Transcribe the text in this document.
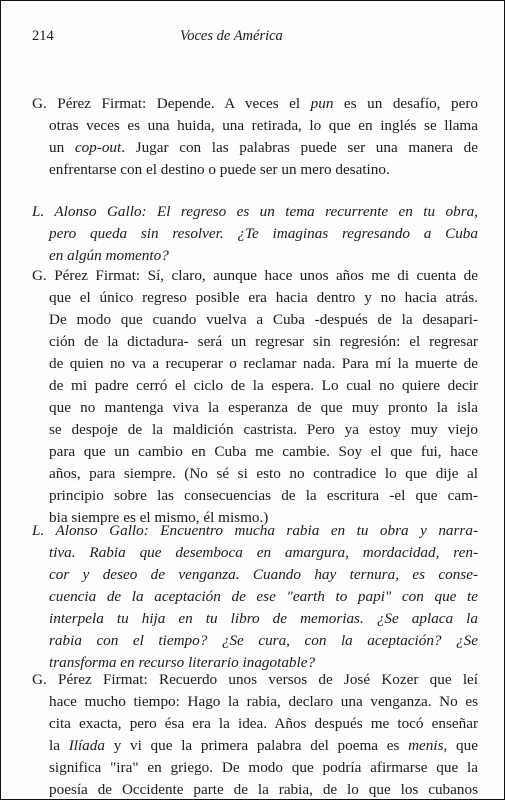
214	Voces de América
G. Pérez Firmat: Depende. A veces el pun es un desafío, pero
otras veces es una huida, una retirada, lo que en inglés se llama
un cop-out. Jugar con las palabras puede ser una manera de
enfrentarse con el destino o puede ser un mero desatino.
L. Alonso Gallo: El regreso es un tema recurrente en tu obra,
pero queda sin resolver. ¿Te imaginas regresando a Cuba
en algún momento?
G. Pérez Firmat: Sí, claro, aunque hace unos años me di cuenta de
que el único regreso posible era hacia dentro y no hacia atrás.
De modo que cuando vuelva a Cuba -después de la desapari-
ción de la dictadura- será un regresar sin regresión: el regresar
de quien no va a recuperar o reclamar nada. Para mí la muerte de
de mi padre cerró el ciclo de la espera. Lo cual no quiere decir
que no mantenga viva la esperanza de que muy pronto la isla
se despoje de la maldición castrista. Pero ya estoy muy viejo
para que un cambio en Cuba me cambie. Soy el que fui, hace
años, para siempre. (No sé si esto no contradice lo que dije al
principio sobre las consecuencias de la escritura -el que cam-
bia siempre es el mismo, él mismo.)
L. Alonso Gallo: Encuentro mucha rabia en tu obra y narra-
tiva. Rabia que desemboca en amargura, mordacidad, ren-
cor y deseo de venganza. Cuando hay ternura, es conse-
cuencia de la aceptación de ese "earth to papi" con que te
interpela tu hija en tu libro de memorias. ¿Se aplaca la
rabia con el tiempo? ¿Se cura, con la aceptación? ¿Se
transforma en recurso literario inagotable?
G. Pérez Firmat: Recuerdo unos versos de José Kozer que leí
hace mucho tiempo: Hago la rabia, declaro una venganza. No es
cita exacta, pero ésa era la idea. Años después me tocó enseñar
la Ilíada y vi que la primera palabra del poema es menis, que
significa "ira" en griego. De modo que podría afirmarse que la
poesía de Occidente parte de la rabia, de lo que los cubanos
